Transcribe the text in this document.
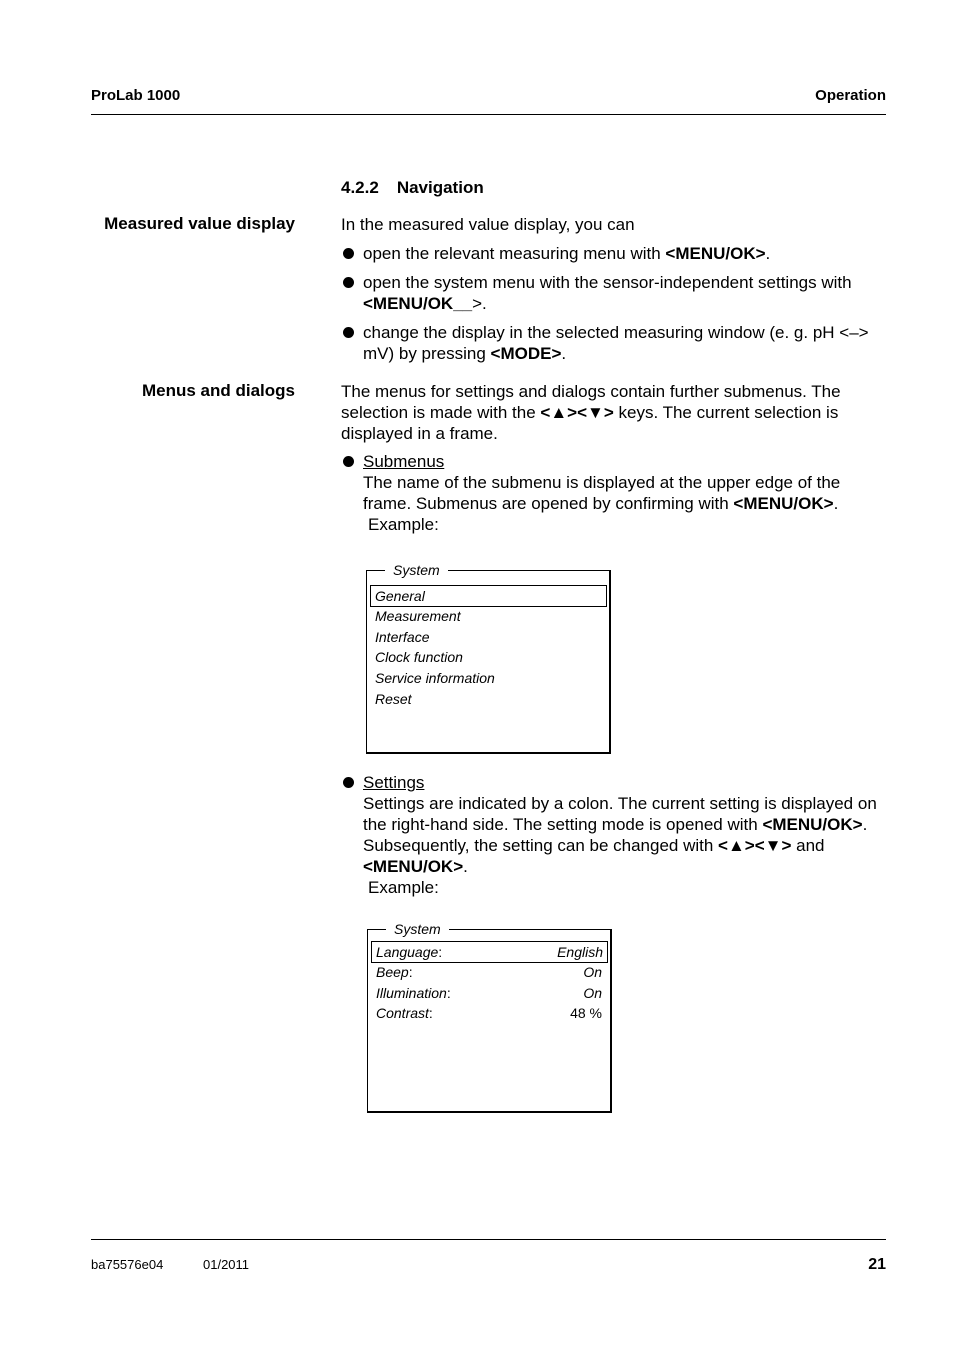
ProLab 1000	Operation
4.2.2 Navigation
Measured value display	In the measured value display, you can
open the relevant measuring menu with <MENU/OK>.
open the system menu with the sensor-independent settings with
<MENU/OK__>.
change the display in the selected measuring window (e. g. pH <–>
mV) by pressing <MODE>.
Menus and dialogs	The menus for settings and dialogs contain further submenus. The
selection is made with the <▲><▼> keys. The current selection is
displayed in a frame.
Submenus
The name of the submenu is displayed at the upper edge of the
frame. Submenus are opened by confirming with <MENU/OK>.
Example:
System
General
Measurement
Interface
Clock function
Service information
Reset
Settings
Settings are indicated by a colon. The current setting is displayed on
the right-hand side. The setting mode is opened with <MENU/OK>.
Subsequently, the setting can be changed with <▲><▼> and
<MENU/OK>.
Example:
System
Language:	English
Beep:	On
Illumination:	On
Contrast:	48 %
ba75576e04	01/2011	21
